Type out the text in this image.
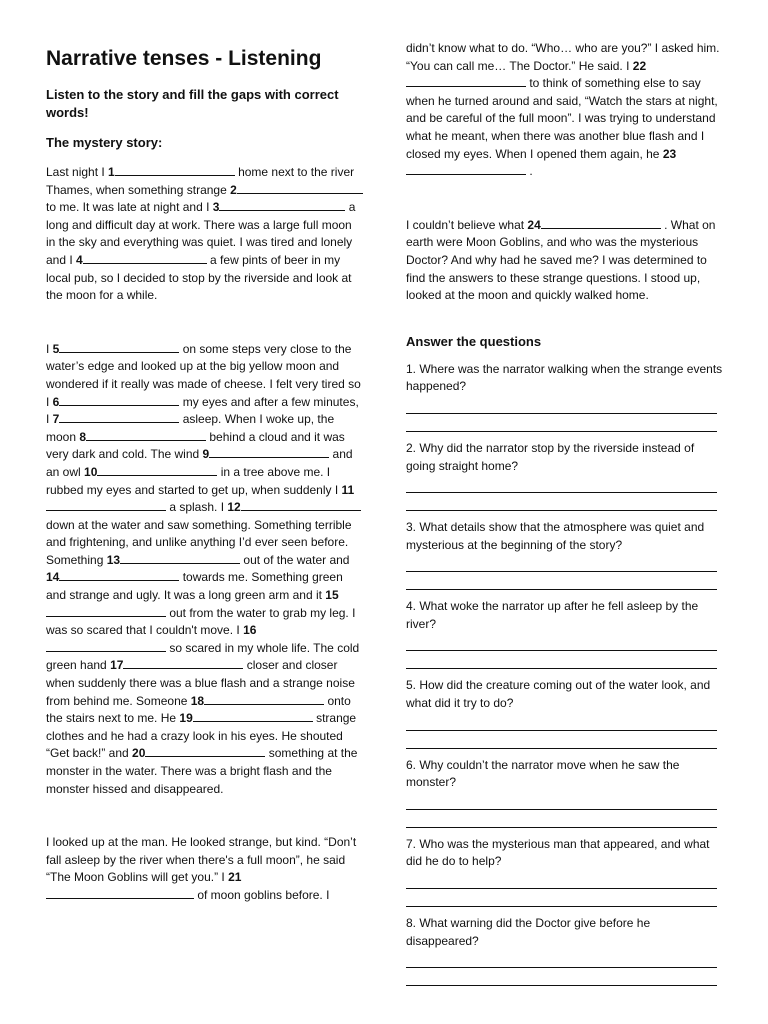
Narrative tenses - Listening
Listen to the story and fill the gaps with correct words!
The mystery story:

Last night I 1	home next to the river Thames, when something strange 2 to me. It was late at night and I 3	a long and difficult day at work. There was a large full moon in the sky and everything was quiet. I was tired and lonely and I 4	a few pints of beer in my local pub, so I decided to stop by the riverside and look at the moon for a while.

I 5	on some steps very close to the water’s edge and looked up at the big yellow moon and wondered if it really was made of cheese. I felt very tired so I 6	my eyes and after a few minutes, I 7	asleep. When I woke up, the moon 8	behind a cloud and it was very dark and cold. The wind 9	and an owl 10	in a tree above me. I rubbed my eyes and started to get up, when suddenly I 11 a splash. I 12 down at the water and saw something. Something terrible and frightening, and unlike anything I’d ever seen before. Something 13	out of the water and 14	towards me. Something green and strange and ugly. It was a long green arm and it 15 out from the water to grab my leg. I was so scared that I couldn't move. I 16 so scared in my whole life. The cold green hand 17	closer and closer when suddenly there was a blue flash and a strange noise from behind me. Someone 18	onto the stairs next to me. He 19	strange clothes and he had a crazy look in his eyes. He shouted “Get back!” and 20	something at the monster in the water. There was a bright flash and the monster hissed and disappeared.

I looked up at the man. He looked strange, but kind. “Don’t fall asleep by the river when there's a full moon”, he said “The Moon Goblins will get you.” I 21 of moon goblins before. I

didn’t know what to do. “Who… who are you?” I asked him. “You can call me… The Doctor.” He said. I 22 to think of something else to say when he turned around and said, “Watch the stars at night, and be careful of the full moon”. I was trying to understand what he meant, when there was another blue flash and I closed my eyes. When I opened them again, he 23 .

I couldn’t believe what 24	. What on earth were Moon Goblins, and who was the mysterious Doctor? And why had he saved me? I was determined to find the answers to these strange questions. I stood up, looked at the moon and quickly walked home.

Answer the questions

1. Where was the narrator walking when the strange events happened?

2. Why did the narrator stop by the riverside instead of going straight home?

3. What details show that the atmosphere was quiet and mysterious at the beginning of the story?

4. What woke the narrator up after he fell asleep by the river?

5. How did the creature coming out of the water look, and what did it try to do?

6. Why couldn’t the narrator move when he saw the monster?

7. Who was the mysterious man that appeared, and what did he do to help?

8. What warning did the Doctor give before he disappeared?
